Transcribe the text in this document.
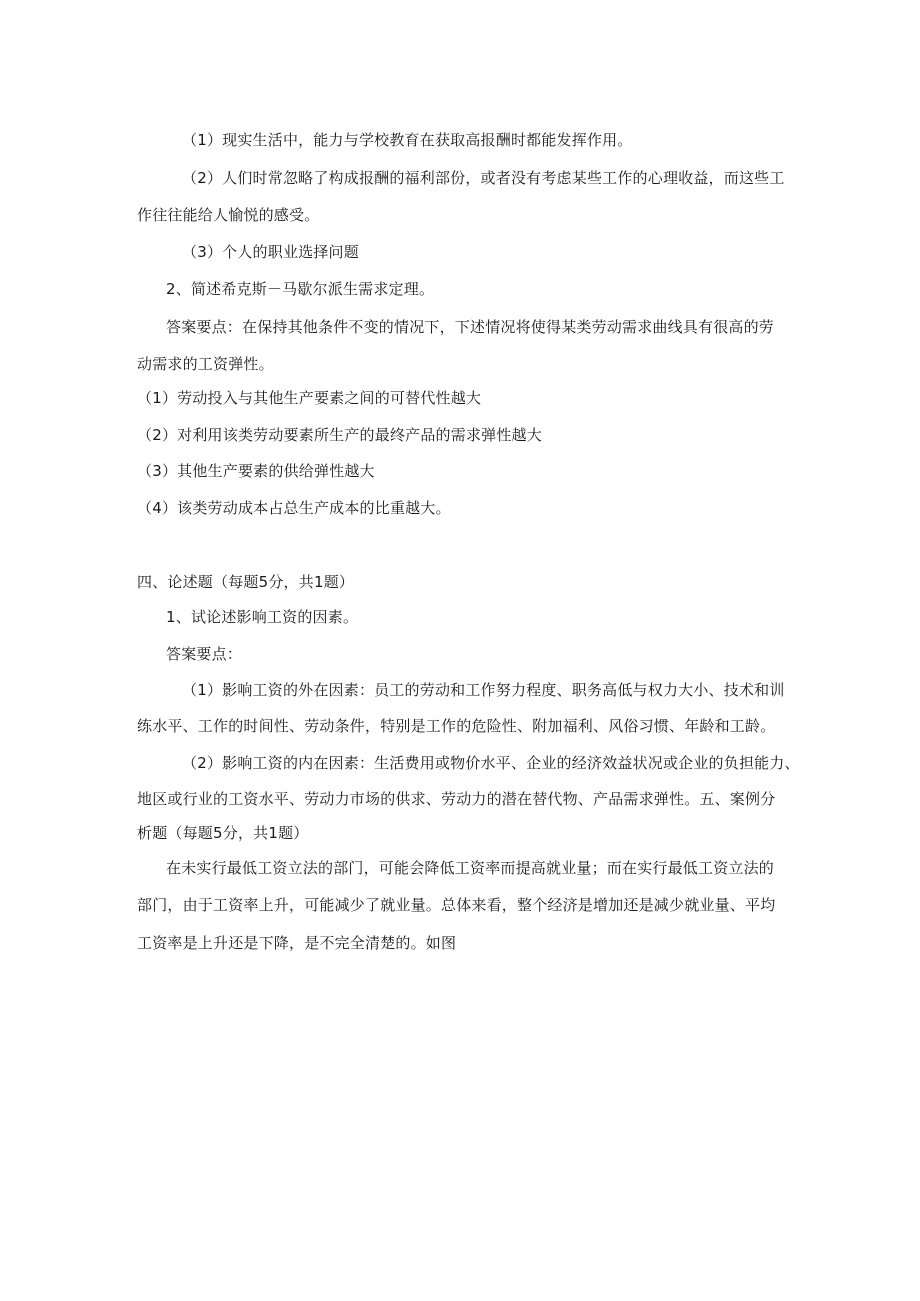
（1）现实生活中，能力与学校教育在获取高报酬时都能发挥作用。
（2）人们时常忽略了构成报酬的福利部份，或者没有考虑某些工作的心理收益，而这些工
作往往能给人愉悦的感受。
（3）个人的职业选择问题
2、简述希克斯－马歇尔派生需求定理。
答案要点：在保持其他条件不变的情况下，下述情况将使得某类劳动需求曲线具有很高的劳
动需求的工资弹性。
（1）劳动投入与其他生产要素之间的可替代性越大
（2）对利用该类劳动要素所生产的最终产品的需求弹性越大
（3）其他生产要素的供给弹性越大
（4）该类劳动成本占总生产成本的比重越大。
四、论述题（每题5分，共1题）
1、试论述影响工资的因素。
答案要点：
（1）影响工资的外在因素：员工的劳动和工作努力程度、职务高低与权力大小、技术和训
练水平、工作的时间性、劳动条件，特别是工作的危险性、附加福利、风俗习惯、年龄和工龄。
（2）影响工资的内在因素：生活费用或物价水平、企业的经济效益状况或企业的负担能力、
地区或行业的工资水平、劳动力市场的供求、劳动力的潜在替代物、产品需求弹性。五、案例分
析题（每题5分，共1题）
在未实行最低工资立法的部门，可能会降低工资率而提高就业量；而在实行最低工资立法的
部门，由于工资率上升，可能减少了就业量。总体来看，整个经济是增加还是减少就业量、平均
工资率是上升还是下降，是不完全清楚的。如图
